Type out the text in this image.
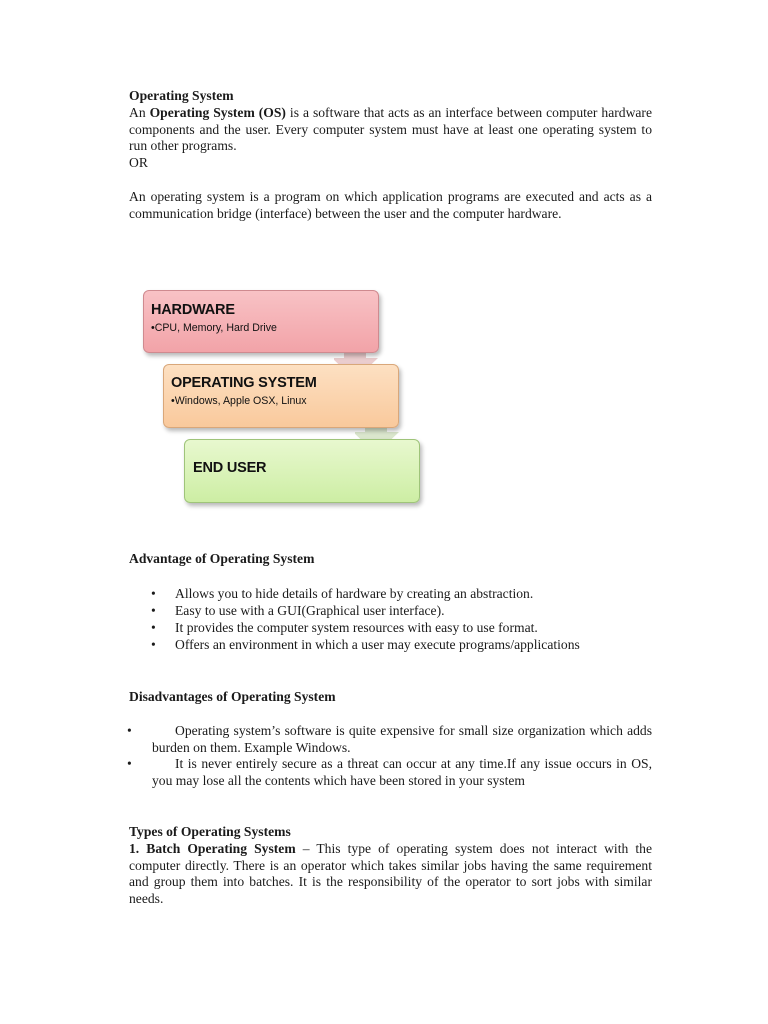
Operating System

An Operating System (OS) is a software that acts as an interface between computer hardware components and the user. Every computer system must have at least one operating system to run other programs.

OR

An operating system is a program on which application programs are executed and acts as a communication bridge (interface) between the user and the computer hardware.

HARDWARE
•CPU, Memory, Hard Drive
OPERATING SYSTEM
•Windows, Apple OSX, Linux
END USER

Advantage of Operating System

• Allows you to hide details of hardware by creating an abstraction.
• Easy to use with a GUI(Graphical user interface).
• It provides the computer system resources with easy to use format.
• Offers an environment in which a user may execute programs/applications

Disadvantages of Operating System

• Operating system’s software is quite expensive for small size organization which adds burden on them. Example Windows.
• It is never entirely secure as a threat can occur at any time.If any issue occurs in OS, you may lose all the contents which have been stored in your system

Types of Operating Systems

1. Batch Operating System – This type of operating system does not interact with the computer directly. There is an operator which takes similar jobs having the same requirement and group them into batches. It is the responsibility of the operator to sort jobs with similar needs.
